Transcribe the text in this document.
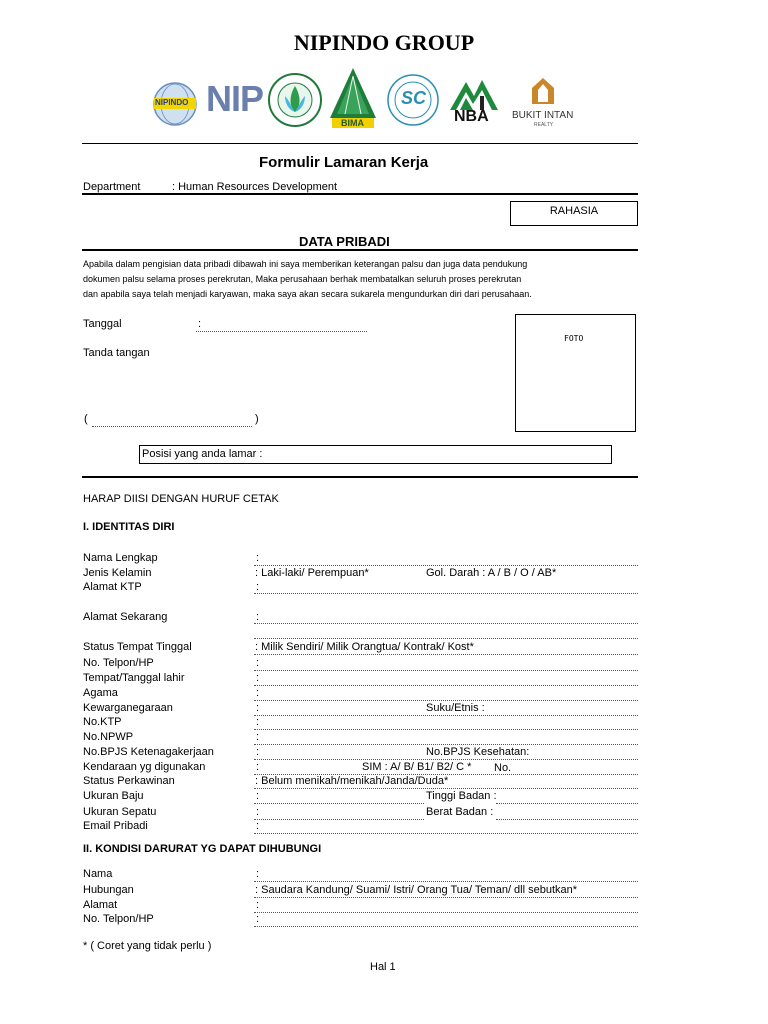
NIPINDO GROUP
NIPINDO NIP
BIMA
SC
NBA BUKIT INTAN
REALTY
Formulir Lamaran Kerja
Department	: Human Resources Development
RAHASIA
DATA PRIBADI
Apabila dalam pengisian data pribadi dibawah ini saya memberikan keterangan palsu dan juga data pendukung
dokumen palsu selama proses perekrutan, Maka perusahaan berhak membatalkan seluruh proses perekrutan
dan apabila saya telah menjadi karyawan, maka saya akan secara sukarela mengundurkan diri dari perusahaan.
Tanggal	:
Tanda tangan
(	)
FOTO
Posisi yang anda lamar :
HARAP DIISI DENGAN HURUF CETAK
I. IDENTITAS DIRI
Nama Lengkap	:
Jenis Kelamin	: Laki-laki/ Perempuan*	Gol. Darah : A / B / O / AB*
Alamat KTP	:
Alamat Sekarang	:
Status Tempat Tinggal	: Milik Sendiri/ Milik Orangtua/ Kontrak/ Kost*
No. Telpon/HP	:
Tempat/Tanggal lahir	:
Agama	:
Kewarganegaraan	:	Suku/Etnis :
No.KTP	:
No.NPWP	:
No.BPJS Ketenagakerjaan	:	No.BPJS Kesehatan:
Kendaraan yg digunakan	:	SIM : A/ B/ B1/ B2/ C * No.
Status Perkawinan	: Belum menikah/menikah/Janda/Duda*
Ukuran Baju	:	Tinggi Badan :
Ukuran Sepatu	:	Berat Badan :
Email Pribadi	:
II. KONDISI DARURAT YG DAPAT DIHUBUNGI
Nama	:
Hubungan	: Saudara Kandung/ Suami/ Istri/ Orang Tua/ Teman/ dll sebutkan*
Alamat	:
No. Telpon/HP	:
* ( Coret yang tidak perlu )
Hal 1
